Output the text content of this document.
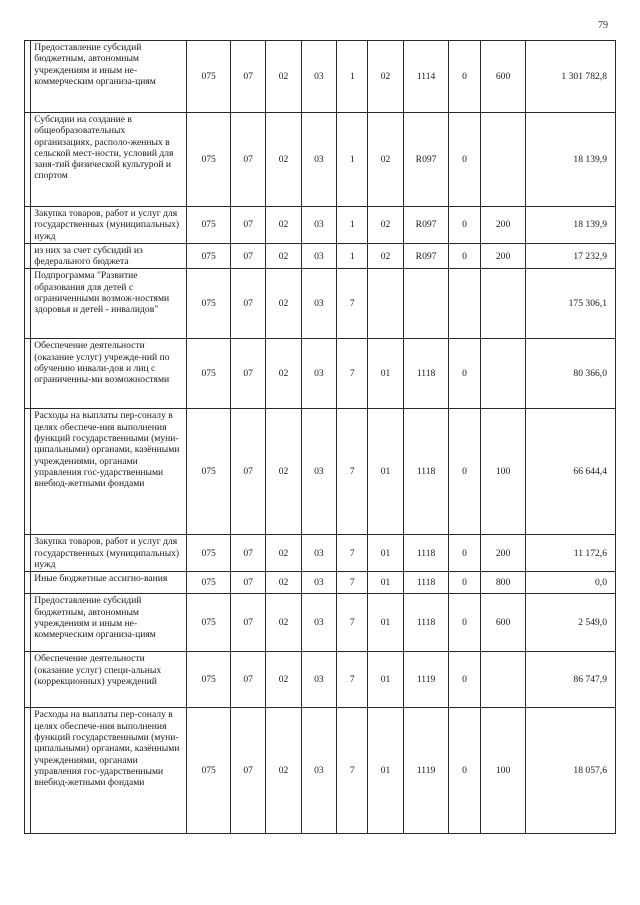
79
	Предоставление субсидий бюджетным, автономным учреждениям и иным не-коммерческим организа-циям	075	07	02	03	1	02	1114	0	600	1 301 782,8
	Субсидии на создание в общеобразовательных организациях, располо-женных в сельской мест-ности, условий для заня-тий физической культурой и спортом	075	07	02	03	1	02	R097	0		18 139,9
	Закупка товаров, работ и услуг для государственных (муниципальных) нужд	075	07	02	03	1	02	R097	0	200	18 139,9
	из них за счет субсидий из федерального бюджета	075	07	02	03	1	02	R097	0	200	17 232,9
	Подпрограмма "Развитие образования для детей с ограниченными возмож-ностями здоровья и детей - инвалидов"	075	07	02	03	7					175 306,1
	Обеспечение деятельности (оказание услуг) учрежде-ний по обучению инвали-дов и лиц с ограниченны-ми возможностями	075	07	02	03	7	01	1118	0		80 366,0
	Расходы на выплаты пер-соналу в целях обеспече-ния выполнения функций государственными (муни-ципальными) органами, казёнными учреждениями, органами управления гос-ударственными внебюд-жетными фондами	075	07	02	03	7	01	1118	0	100	66 644,4
	Закупка товаров, работ и услуг для государственных (муниципальных) нужд	075	07	02	03	7	01	1118	0	200	11 172,6
	Иные бюджетные ассигно-вания	075	07	02	03	7	01	1118	0	800	0,0
	Предоставление субсидий бюджетным, автономным учреждениям и иным не-коммерческим организа-циям	075	07	02	03	7	01	1118	0	600	2 549,0
	Обеспечение деятельности (оказание услуг) специ-альных (коррекционных) учреждений	075	07	02	03	7	01	1119	0		86 747,9
	Расходы на выплаты пер-соналу в целях обеспече-ния выполнения функций государственными (муни-ципальными) органами, казёнными учреждениями, органами управления гос-ударственными внебюд-жетными фондами	075	07	02	03	7	01	1119	0	100	18 057,6
